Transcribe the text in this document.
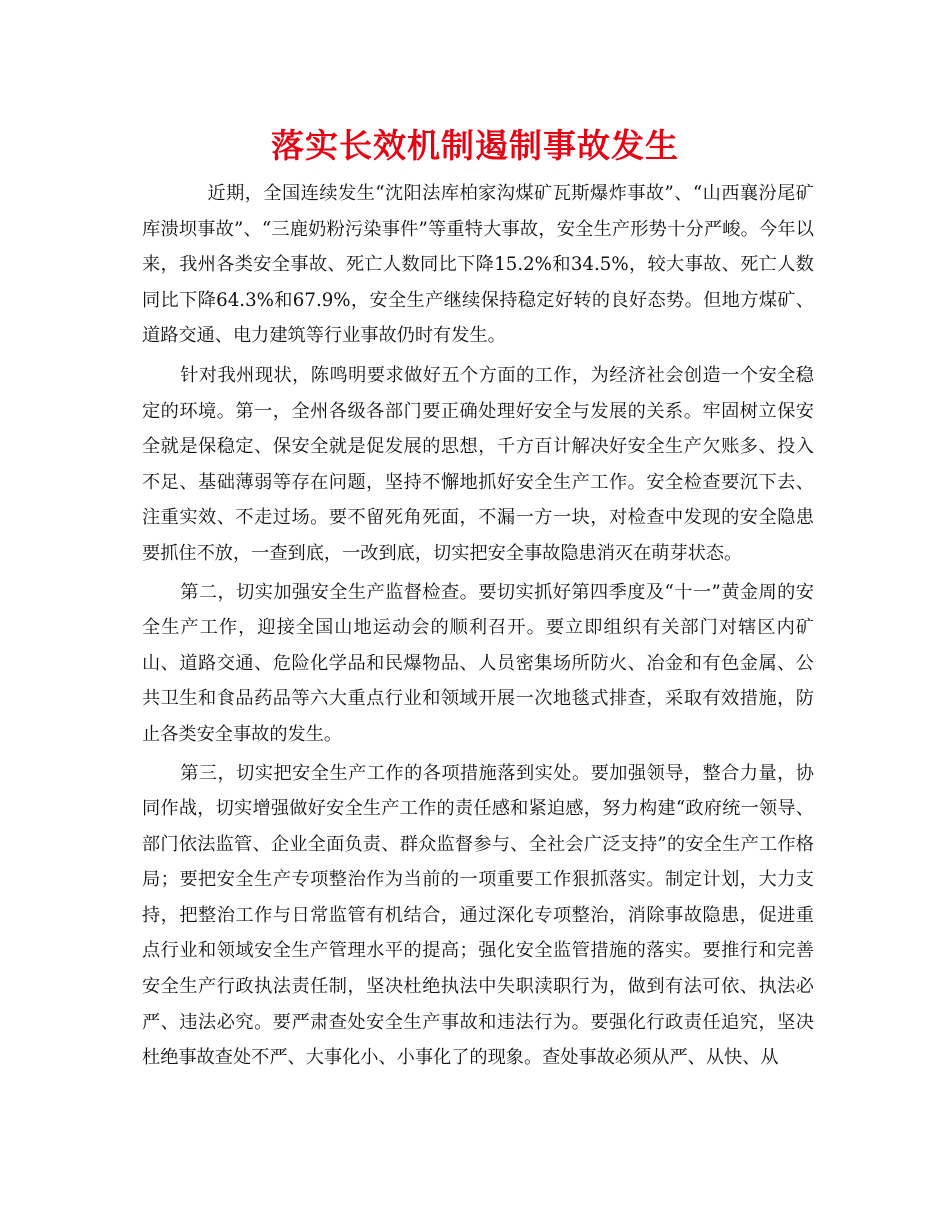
落实长效机制遏制事故发生

近期，全国连续发生“沈阳法库柏家沟煤矿瓦斯爆炸事故”、“山西襄汾尾矿库溃坝事故”、“三鹿奶粉污染事件”等重特大事故，安全生产形势十分严峻。今年以来，我州各类安全事故、死亡人数同比下降15.2%和34.5%，较大事故、死亡人数同比下降64.3%和67.9%，安全生产继续保持稳定好转的良好态势。但地方煤矿、道路交通、电力建筑等行业事故仍时有发生。

针对我州现状，陈鸣明要求做好五个方面的工作，为经济社会创造一个安全稳定的环境。第一，全州各级各部门要正确处理好安全与发展的关系。牢固树立保安全就是保稳定、保安全就是促发展的思想，千方百计解决好安全生产欠账多、投入不足、基础薄弱等存在问题，坚持不懈地抓好安全生产工作。安全检查要沉下去、注重实效、不走过场。要不留死角死面，不漏一方一块，对检查中发现的安全隐患要抓住不放，一查到底，一改到底，切实把安全事故隐患消灭在萌芽状态。

第二，切实加强安全生产监督检查。要切实抓好第四季度及“十一”黄金周的安全生产工作，迎接全国山地运动会的顺利召开。要立即组织有关部门对辖区内矿山、道路交通、危险化学品和民爆物品、人员密集场所防火、冶金和有色金属、公共卫生和食品药品等六大重点行业和领域开展一次地毯式排查，采取有效措施，防止各类安全事故的发生。

第三，切实把安全生产工作的各项措施落到实处。要加强领导，整合力量，协同作战，切实增强做好安全生产工作的责任感和紧迫感，努力构建“政府统一领导、部门依法监管、企业全面负责、群众监督参与、全社会广泛支持”的安全生产工作格局；要把安全生产专项整治作为当前的一项重要工作狠抓落实。制定计划，大力支持，把整治工作与日常监管有机结合，通过深化专项整治，消除事故隐患，促进重点行业和领域安全生产管理水平的提高；强化安全监管措施的落实。要推行和完善安全生产行政执法责任制，坚决杜绝执法中失职渎职行为，做到有法可依、执法必严、违法必究。要严肃查处安全生产事故和违法行为。要强化行政责任追究，坚决杜绝事故查处不严、大事化小、小事化了的现象。查处事故必须从严、从快、从
